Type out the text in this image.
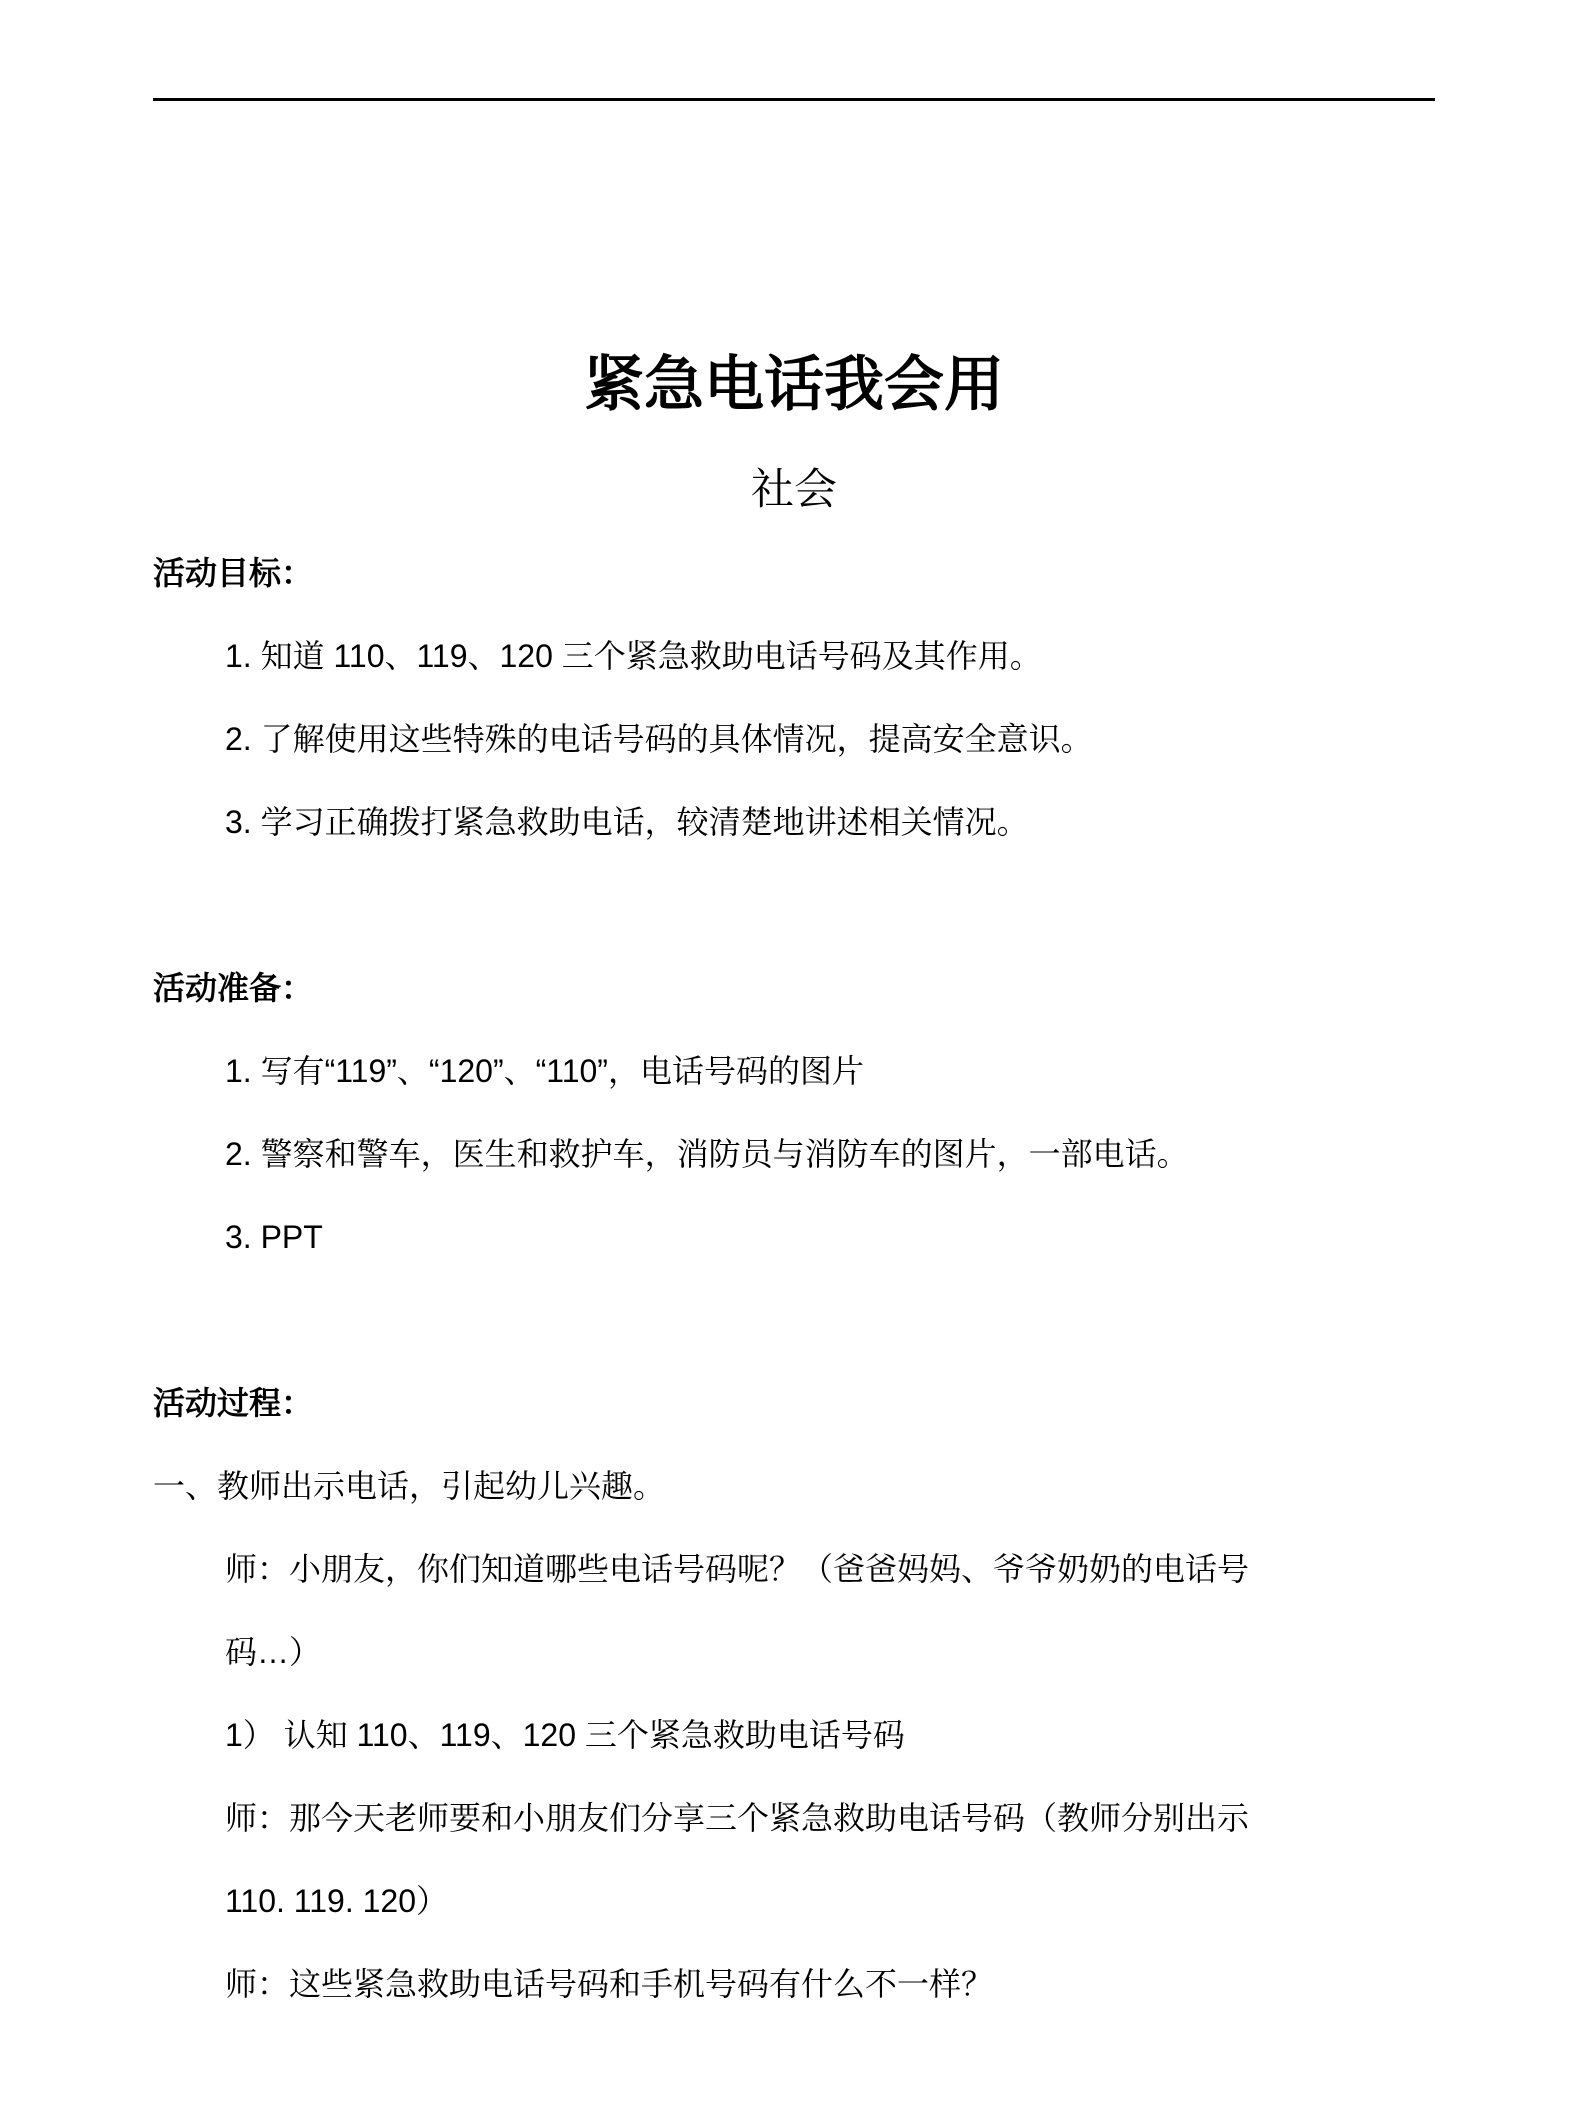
紧急电话我会用
社会

活动目标：

1. 知道 110、119、120 三个紧急救助电话号码及其作用。

2. 了解使用这些特殊的电话号码的具体情况，提高安全意识。

3. 学习正确拨打紧急救助电话，较清楚地讲述相关情况。

活动准备：

1. 写有“119”、“120”、“110”，电话号码的图片

2. 警察和警车，医生和救护车，消防员与消防车的图片，一部电话。

3. PPT

活动过程：

一、教师出示电话，引起幼儿兴趣。

师：小朋友，你们知道哪些电话号码呢？（爸爸妈妈、爷爷奶奶的电话号

码…）

1） 认知 110、119、120 三个紧急救助电话号码

师：那今天老师要和小朋友们分享三个紧急救助电话号码（教师分别出示

110. 119. 120）

师：这些紧急救助电话号码和手机号码有什么不一样？
